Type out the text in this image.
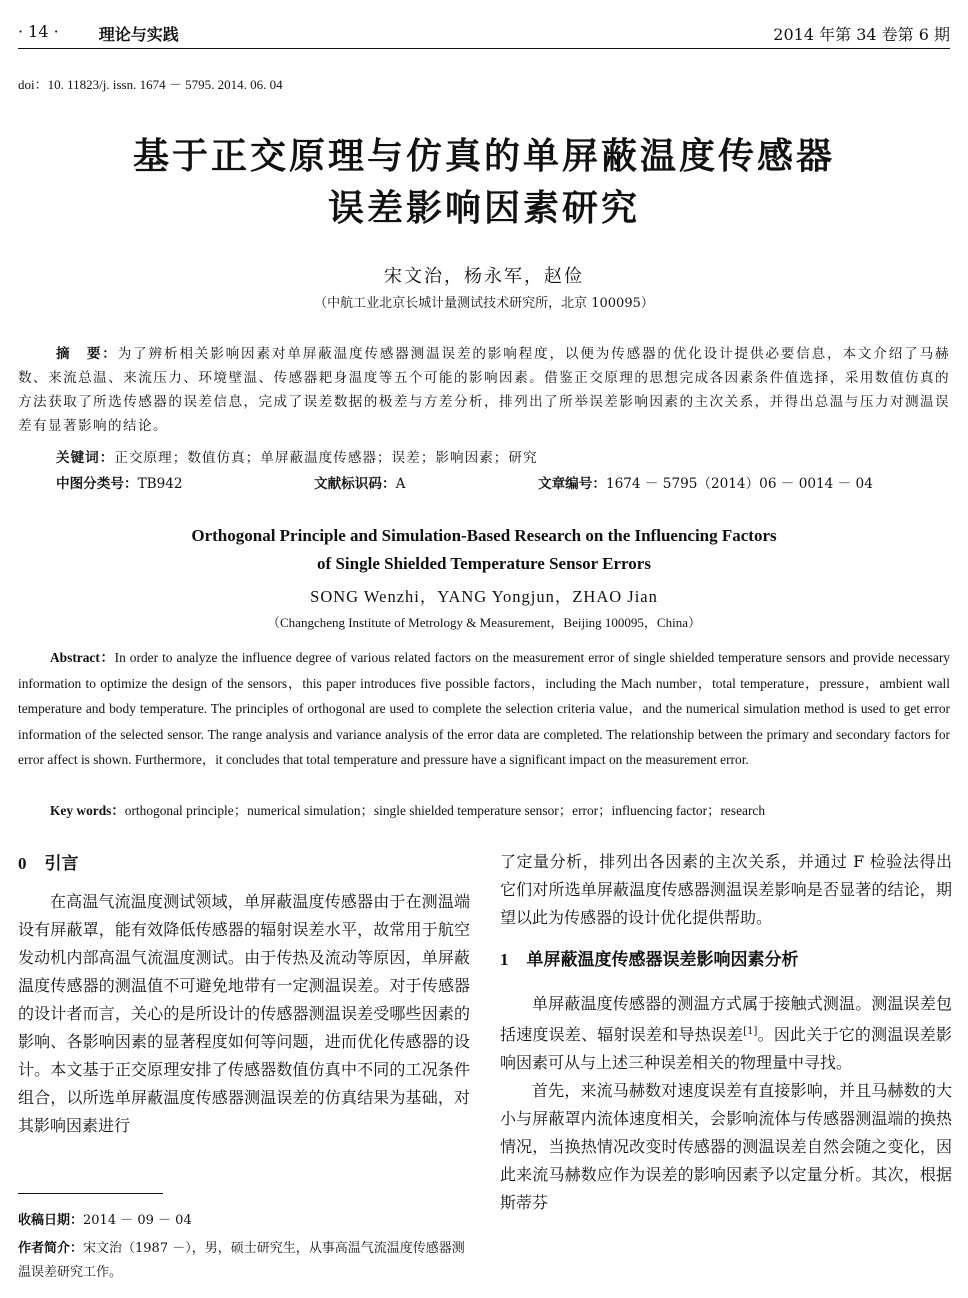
· 14 ·	理论与实践	2014 年第 34 卷第 6 期
doi：10. 11823/j. issn. 1674 － 5795. 2014. 06. 04
基于正交原理与仿真的单屏蔽温度传感器
误差影响因素研究
宋文治，杨永军，赵俭
（中航工业北京长城计量测试技术研究所，北京 100095）
摘　要：为了辨析相关影响因素对单屏蔽温度传感器测温误差的影响程度，以便为传感器的优化设计提供必要信息，本文介绍了马赫数、来流总温、来流压力、环境壁温、传感器耙身温度等五个可能的影响因素。借鉴正交原理的思想完成各因素条件值选择，采用数值仿真的方法获取了所选传感器的误差信息，完成了误差数据的极差与方差分析，排列出了所举误差影响因素的主次关系，并得出总温与压力对测温误差有显著影响的结论。
关键词：正交原理；数值仿真；单屏蔽温度传感器；误差；影响因素；研究
中图分类号：TB942	文献标识码：A	文章编号：1674 － 5795（2014）06 － 0014 － 04
Orthogonal Principle and Simulation-Based Research on the Influencing Factors
of Single Shielded Temperature Sensor Errors
SONG Wenzhi，YANG Yongjun，ZHAO Jian
（Changcheng Institute of Metrology & Measurement，Beijing 100095，China）
Abstract：In order to analyze the influence degree of various related factors on the measurement error of single shielded temperature sensors and provide necessary information to optimize the design of the sensors，this paper introduces five possible factors，including the Mach number，total temperature，pressure，ambient wall temperature and body temperature. The principles of orthogonal are used to complete the selection criteria value，and the numerical simulation method is used to get error information of the selected sensor. The range analysis and variance analysis of the error data are completed. The relationship between the primary and secondary factors for error affect is shown. Furthermore，it concludes that total temperature and pressure have a significant impact on the measurement error.
Key words：orthogonal principle；numerical simulation；single shielded temperature sensor；error；influencing factor；research
0 引言

在高温气流温度测试领域，单屏蔽温度传感器由于在测温端设有屏蔽罩，能有效降低传感器的辐射误差水平，故常用于航空发动机内部高温气流温度测试。由于传热及流动等原因，单屏蔽温度传感器的测温值不可避免地带有一定测温误差。对于传感器的设计者而言，关心的是所设计的传感器测温误差受哪些因素的影响、各影响因素的显著程度如何等问题，进而优化传感器的设计。本文基于正交原理安排了传感器数值仿真中不同的工况条件组合，以所选单屏蔽温度传感器测温误差的仿真结果为基础，对其影响因素进行

收稿日期：2014 － 09 － 04
作者简介：宋文治（1987 －），男，硕士研究生，从事高温气流温度传感器测温误差研究工作。

了定量分析，排列出各因素的主次关系，并通过 F 检验法得出它们对所选单屏蔽温度传感器测温误差影响是否显著的结论，期望以此为传感器的设计优化提供帮助。

1 单屏蔽温度传感器误差影响因素分析

单屏蔽温度传感器的测温方式属于接触式测温。测温误差包括速度误差、辐射误差和导热误差[1]。因此关于它的测温误差影响因素可从与上述三种误差相关的物理量中寻找。

首先，来流马赫数对速度误差有直接影响，并且马赫数的大小与屏蔽罩内流体速度相关，会影响流体与传感器测温端的换热情况，当换热情况改变时传感器的测温误差自然会随之变化，因此来流马赫数应作为误差的影响因素予以定量分析。其次，根据斯蒂芬
